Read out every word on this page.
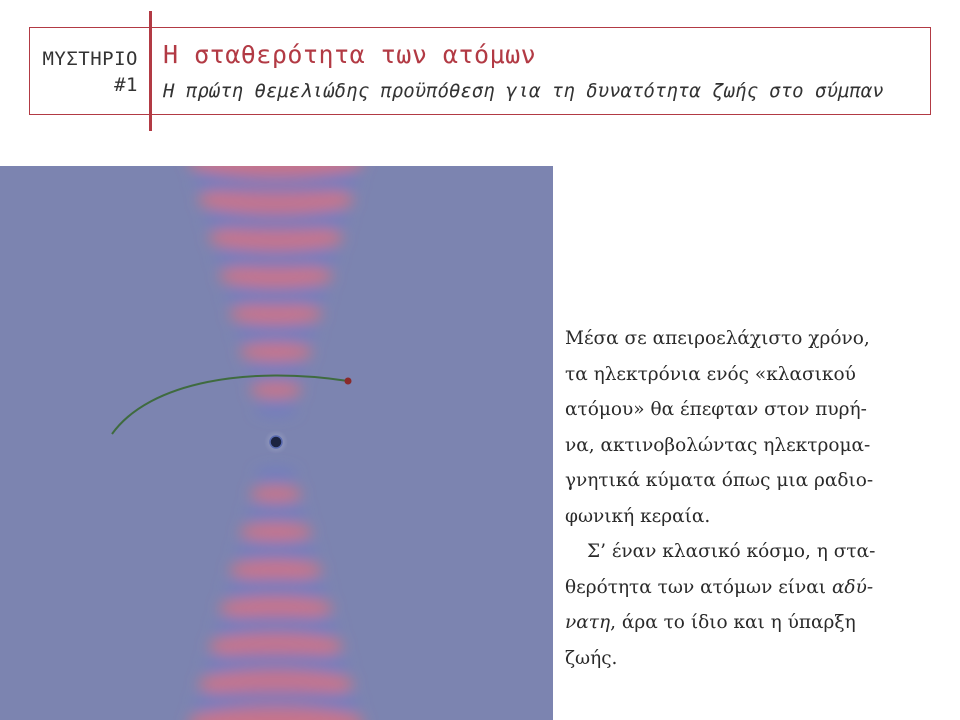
ΜΥΣΤΗΡΙΟ
#1
Η σταθερότητα των ατόμων
Η πρώτη θεμελιώδης προϋπόθεση για τη δυνατότητα ζωής στο σύμπαν

Μέσα σε απειροελάχιστο χρόνο,
τα ηλεκτρόνια ενός «κλασικού
ατόμου» θα έπεφταν στον πυρή-
να, ακτινοβολώντας ηλεκτρομα-
γνητικά κύματα όπως μια ραδιο-
φωνική κεραία.

Σ’ έναν κλασικό κόσμο, η στα-
θερότητα των ατόμων είναι αδύ-
νατη, άρα το ίδιο και η ύπαρξη
ζωής.
